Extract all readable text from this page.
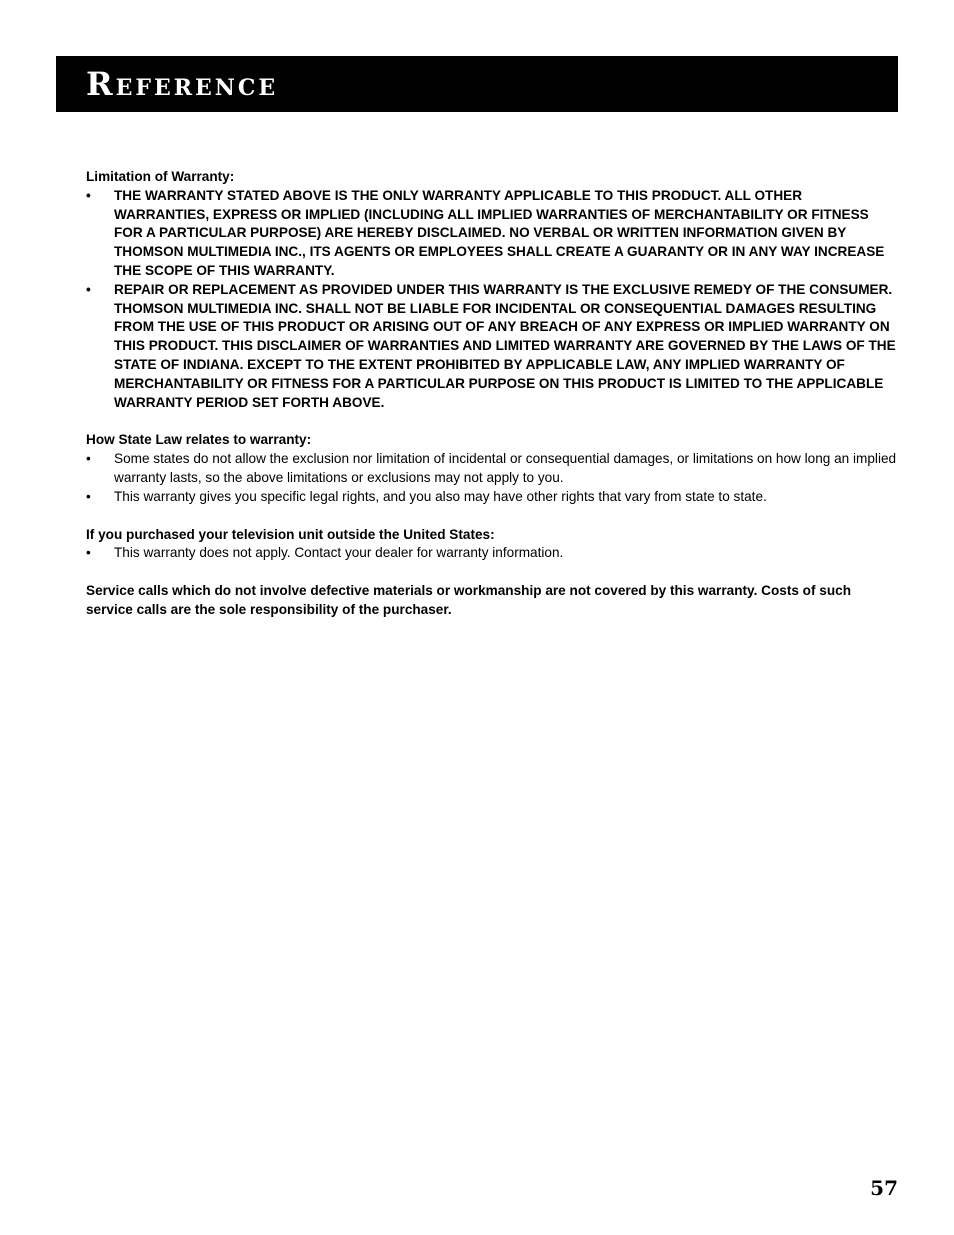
Reference

Limitation of Warranty:

• THE WARRANTY STATED ABOVE IS THE ONLY WARRANTY APPLICABLE TO THIS PRODUCT. ALL OTHER WARRANTIES, EXPRESS OR IMPLIED (INCLUDING ALL IMPLIED WARRANTIES OF MERCHANTABILITY OR FITNESS FOR A PARTICULAR PURPOSE) ARE HEREBY DISCLAIMED. NO VERBAL OR WRITTEN INFORMATION GIVEN BY THOMSON MULTIMEDIA INC., ITS AGENTS OR EMPLOYEES SHALL CREATE A GUARANTY OR IN ANY WAY INCREASE THE SCOPE OF THIS WARRANTY.
• REPAIR OR REPLACEMENT AS PROVIDED UNDER THIS WARRANTY IS THE EXCLUSIVE REMEDY OF THE CONSUMER. THOMSON MULTIMEDIA INC. SHALL NOT BE LIABLE FOR INCIDENTAL OR CONSEQUENTIAL DAMAGES RESULTING FROM THE USE OF THIS PRODUCT OR ARISING OUT OF ANY BREACH OF ANY EXPRESS OR IMPLIED WARRANTY ON THIS PRODUCT. THIS DISCLAIMER OF WARRANTIES AND LIMITED WARRANTY ARE GOVERNED BY THE LAWS OF THE STATE OF INDIANA. EXCEPT TO THE EXTENT PROHIBITED BY APPLICABLE LAW, ANY IMPLIED WARRANTY OF MERCHANTABILITY OR FITNESS FOR A PARTICULAR PURPOSE ON THIS PRODUCT IS LIMITED TO THE APPLICABLE WARRANTY PERIOD SET FORTH ABOVE.

How State Law relates to warranty:

• Some states do not allow the exclusion nor limitation of incidental or consequential damages, or limitations on how long an implied warranty lasts, so the above limitations or exclusions may not apply to you.
• This warranty gives you specific legal rights, and you also may have other rights that vary from state to state.

If you purchased your television unit outside the United States:

• This warranty does not apply. Contact your dealer for warranty information.

Service calls which do not involve defective materials or workmanship are not covered by this warranty. Costs of such service calls are the sole responsibility of the purchaser.

57
